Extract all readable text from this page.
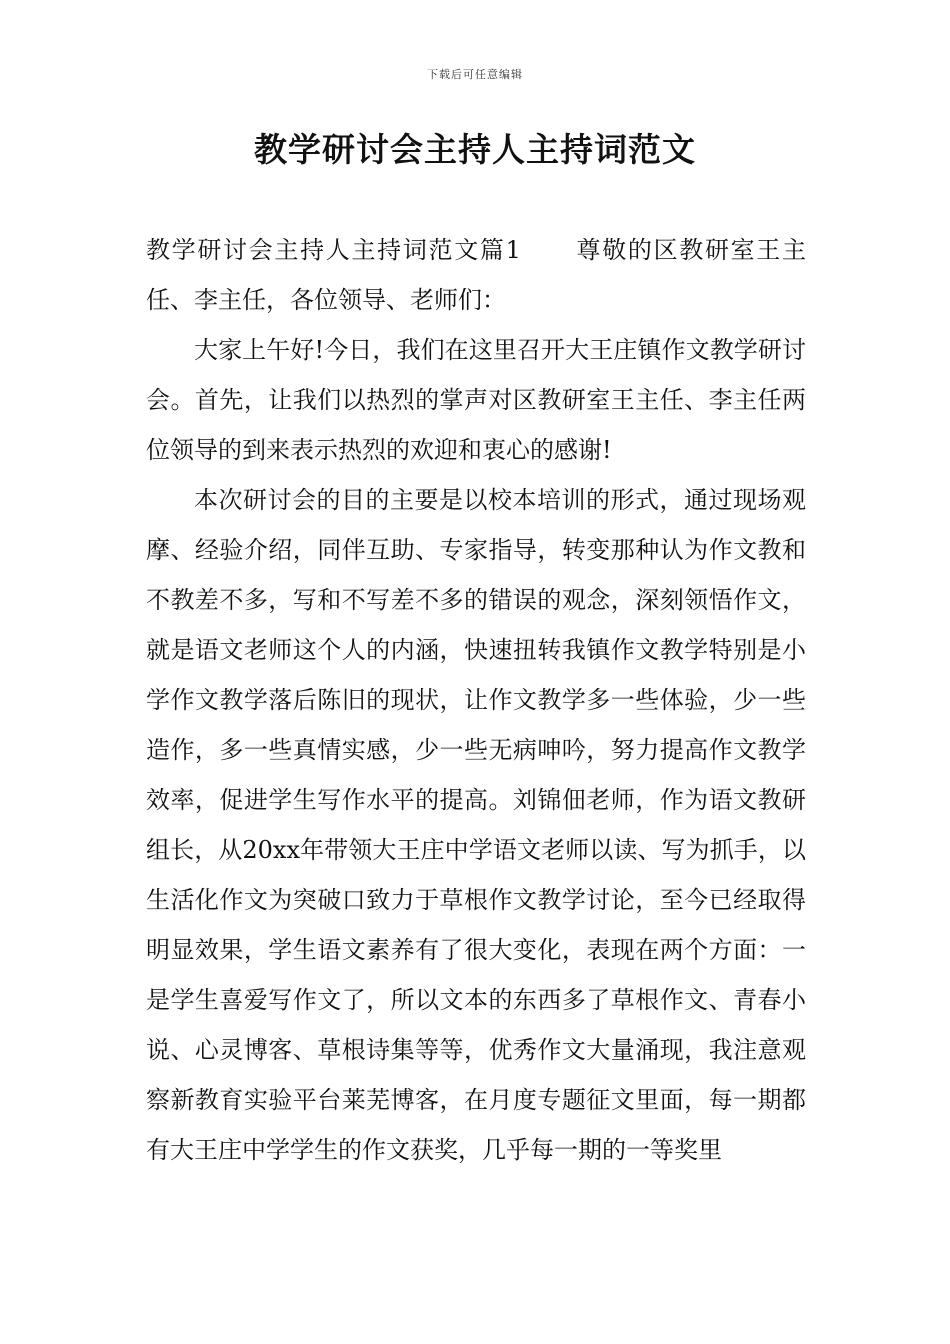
下载后可任意编辑
教学研讨会主持人主持词范文

教学研讨会主持人主持词范文篇1 尊敬的区教研室王主任、李主任，各位领导、老师们：

大家上午好!今日，我们在这里召开大王庄镇作文教学研讨会。首先，让我们以热烈的掌声对区教研室王主任、李主任两位领导的到来表示热烈的欢迎和衷心的感谢!

本次研讨会的目的主要是以校本培训的形式，通过现场观摩、经验介绍，同伴互助、专家指导，转变那种认为作文教和不教差不多，写和不写差不多的错误的观念，深刻领悟作文，就是语文老师这个人的内涵，快速扭转我镇作文教学特别是小学作文教学落后陈旧的现状，让作文教学多一些体验，少一些造作，多一些真情实感，少一些无病呻吟，努力提高作文教学效率，促进学生写作水平的提高。刘锦佃老师，作为语文教研组长，从20xx年带领大王庄中学语文老师以读、写为抓手，以生活化作文为突破口致力于草根作文教学讨论，至今已经取得明显效果，学生语文素养有了很大变化，表现在两个方面：一是学生喜爱写作文了，所以文本的东西多了草根作文、青春小说、心灵博客、草根诗集等等，优秀作文大量涌现，我注意观察新教育实验平台莱芜博客，在月度专题征文里面，每一期都有大王庄中学学生的作文获奖，几乎每一期的一等奖里
